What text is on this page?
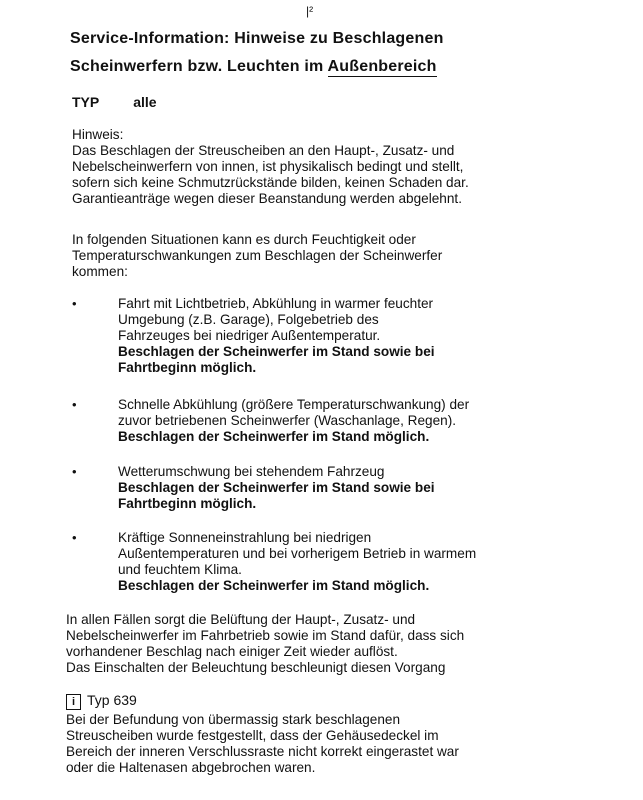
|²
Service-Information: Hinweise zu Beschlagenen
Scheinwerfern bzw. Leuchten im Außenbereich
TYP alle
Hinweis:
Das Beschlagen der Streuscheiben an den Haupt-, Zusatz- und
Nebelscheinwerfern von innen, ist physikalisch bedingt und stellt,
sofern sich keine Schmutzrückstände bilden, keinen Schaden dar.
Garantieanträge wegen dieser Beanstandung werden abgelehnt.
In folgenden Situationen kann es durch Feuchtigkeit oder
Temperaturschwankungen zum Beschlagen der Scheinwerfer
kommen:
•	Fahrt mit Lichtbetrieb, Abkühlung in warmer feuchter
Umgebung (z.B. Garage), Folgebetrieb des
Fahrzeuges bei niedriger Außentemperatur.
Beschlagen der Scheinwerfer im Stand sowie bei
Fahrtbeginn möglich.
•	Schnelle Abkühlung (größere Temperaturschwankung) der
zuvor betriebenen Scheinwerfer (Waschanlage, Regen).
Beschlagen der Scheinwerfer im Stand möglich.
•	Wetterumschwung bei stehendem Fahrzeug
Beschlagen der Scheinwerfer im Stand sowie bei
Fahrtbeginn möglich.
•	Kräftige Sonneneinstrahlung bei niedrigen
Außentemperaturen und bei vorherigem Betrieb in warmem
und feuchtem Klima.
Beschlagen der Scheinwerfer im Stand möglich.
In allen Fällen sorgt die Belüftung der Haupt-, Zusatz- und
Nebelscheinwerfer im Fahrbetrieb sowie im Stand dafür, dass sich
vorhandener Beschlag nach einiger Zeit wieder auflöst.
Das Einschalten der Beleuchtung beschleunigt diesen Vorgang
i Typ 639
Bei der Befundung von übermassig stark beschlagenen
Streuscheiben wurde festgestellt, dass der Gehäusedeckel im
Bereich der inneren Verschlussraste nicht korrekt eingerastet war
oder die Haltenasen abgebrochen waren.
